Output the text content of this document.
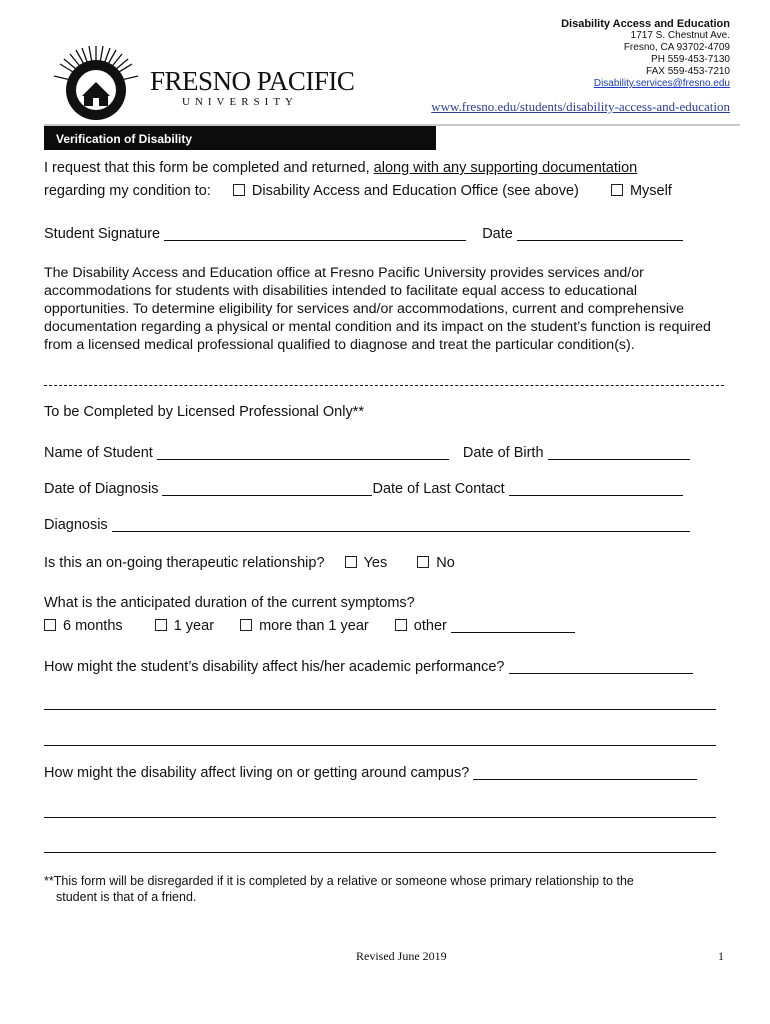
Disability Access and Education
1717 S. Chestnut Ave.
Fresno, CA 93702-4709
PH 559-453-7130
FAX 559-453-7210
Disability.services@fresno.edu
FRESNO PACIFIC
UNIVERSITY	www.fresno.edu/students/disability-access-and-education
Verification of Disability
I request that this form be completed and returned, along with any supporting documentation
regarding my condition to:	Disability Access and Education Office (see above)	Myself
Student Signature	Date
The Disability Access and Education office at Fresno Pacific University provides services and/or accommodations for students with disabilities intended to facilitate equal access to educational opportunities. To determine eligibility for services and/or accommodations, current and comprehensive documentation regarding a physical or mental condition and its impact on the student’s function is required from a licensed medical professional qualified to diagnose and treat the particular condition(s).
To be Completed by Licensed Professional Only**
Name of Student	Date of Birth
Date of Diagnosis	Date of Last Contact
Diagnosis
Is this an on-going therapeutic relationship?	Yes	No
What is the anticipated duration of the current symptoms?
6 months	1 year	more than 1 year	other
How might the student’s disability affect his/her academic performance?
How might the disability affect living on or getting around campus?
**This form will be disregarded if it is completed by a relative or someone whose primary relationship to the
student is that of a friend.
Revised June 2019	1
